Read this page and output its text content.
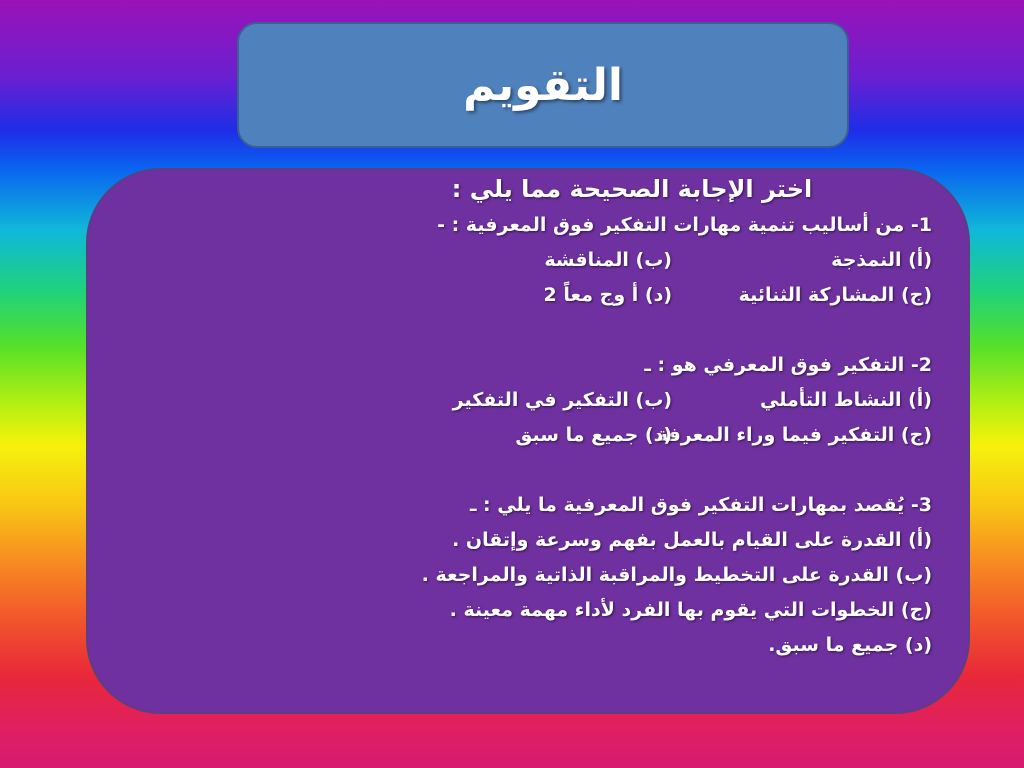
التقويم
اختر الإجابة الصحيحة مما يلي :
1- من أساليب تنمية مهارات التفكير فوق المعرفية : -
(أ) النمذجة
(ب) المناقشة
(ج) المشاركة الثنائية
(د) أ وج معاً 2
2- التفكير فوق المعرفي هو : ـ
(أ) النشاط التأملي
(ب) التفكير في التفكير
(ج) التفكير فيما وراء المعرفة
(د) جميع ما سبق
3- يُقصد بمهارات التفكير فوق المعرفية ما يلي : ـ
(أ) القدرة على القيام بالعمل بفهم وسرعة وإتقان .
(ب) القدرة على التخطيط والمراقبة الذاتية والمراجعة .
(ج) الخطوات التي يقوم بها الفرد لأداء مهمة معينة .
(د) جميع ما سبق.
